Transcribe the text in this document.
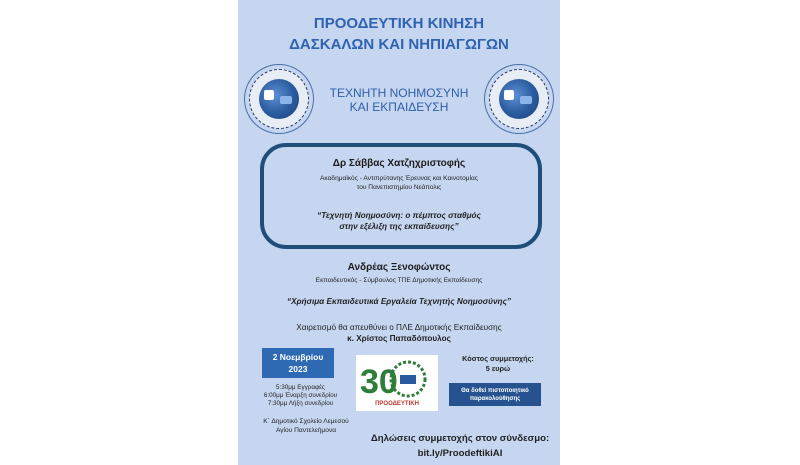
ΠΡΟΟΔΕΥΤΙΚΗ ΚΙΝΗΣΗ
ΔΑΣΚΑΛΩΝ ΚΑΙ ΝΗΠΙΑΓΩΓΩΝ
ΤΕΧΝΗΤΗ ΝΟΗΜΟΣΥΝΗ
ΚΑΙ ΕΚΠΑΙΔΕΥΣΗ
Δρ Σάββας Χατζηχριστοφής
Ακαδημαϊκός - Αντιπρύτανης Έρευνας και Καινοτομίας
του Πανεπιστημίου Νεάπολις
“Τεχνητή Νοημοσύνη: ο πέμπτος σταθμός
στην εξέλιξη της εκπαίδευσης”
Ανδρέας Ξενοφώντος
Εκπαιδευτικός - Σύμβουλος ΤΠΕ Δημοτικής Εκπαίδευσης
“Χρήσιμα Εκπαιδευτικά Εργαλεία Τεχνητής Νοημοσύνης”
Χαιρετισμό θα απευθύνει ο ΠΛΕ Δημοτικής Εκπαίδευσης
κ. Χρίστος Παπαδόπουλος
2 Νοεμβρίου
2023
5:30μμ Εγγραφές
6:00μμ Έναρξη συνεδρίου
7:30μμ Λήξη συνεδρίου
Κ΄ Δημοτικό Σχολείο Λεμεσού
Αγίου Παντελεήμονα
30
ΠΡΟΟΔΕΥΤΙΚΗ
Κόστος συμμετοχής:
5 ευρώ
Θα δοθεί πιστοποιητικό παρακολούθησης
Δηλώσεις συμμετοχής στον σύνδεσμο:
bit.ly/ProodeftikiAI
